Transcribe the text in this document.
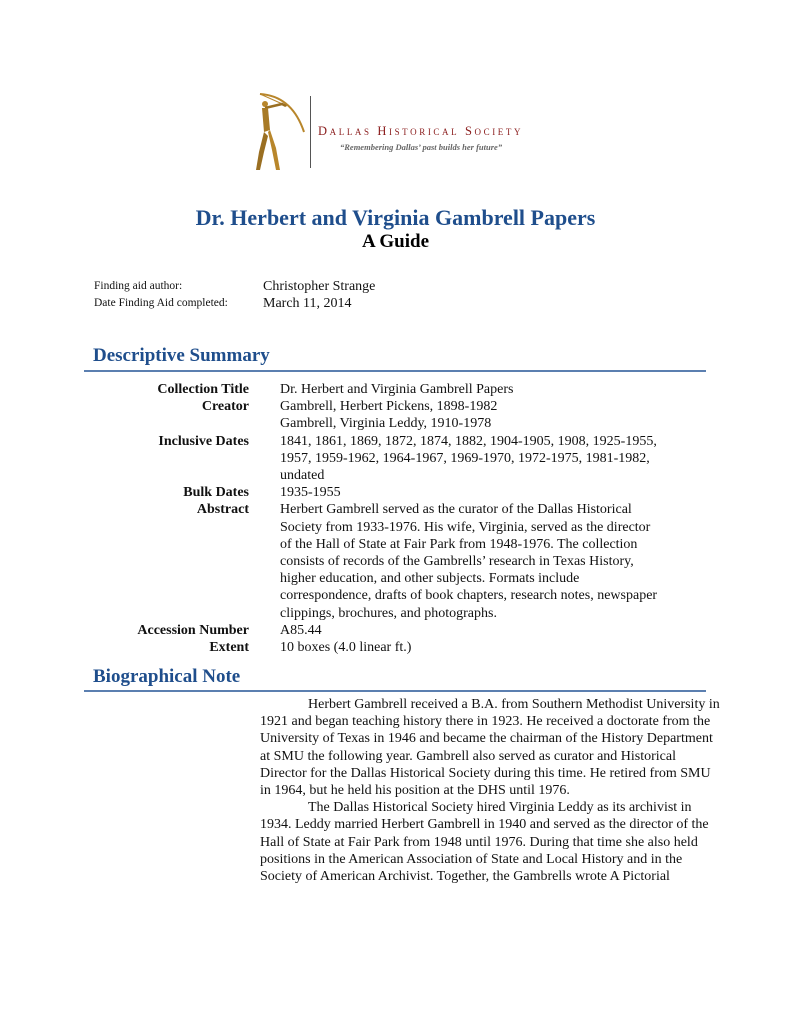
Dallas Historical Society
“Remembering Dallas’ past builds her future”
Dr. Herbert and Virginia Gambrell Papers
A Guide
Finding aid author:	Christopher Strange
Date Finding Aid completed:	March 11, 2014
Descriptive Summary
Collection Title Dr. Herbert and Virginia Gambrell Papers
Creator Gambrell, Herbert Pickens, 1898-1982
Gambrell, Virginia Leddy, 1910-1978
Inclusive Dates 1841, 1861, 1869, 1872, 1874, 1882, 1904-1905, 1908, 1925-1955,
1957, 1959-1962, 1964-1967, 1969-1970, 1972-1975, 1981-1982,
undated
Bulk Dates 1935-1955
Abstract Herbert Gambrell served as the curator of the Dallas Historical
Society from 1933-1976. His wife, Virginia, served as the director
of the Hall of State at Fair Park from 1948-1976. The collection
consists of records of the Gambrells’ research in Texas History,
higher education, and other subjects. Formats include
correspondence, drafts of book chapters, research notes, newspaper
clippings, brochures, and photographs.
Accession Number A85.44
Extent 10 boxes (4.0 linear ft.)
Biographical Note

Herbert Gambrell received a B.A. from Southern Methodist University in 1921 and began teaching history there in 1923. He received a doctorate from the University of Texas in 1946 and became the chairman of the History Department at SMU the following year. Gambrell also served as curator and Historical Director for the Dallas Historical Society during this time. He retired from SMU in 1964, but he held his position at the DHS until 1976.

The Dallas Historical Society hired Virginia Leddy as its archivist in 1934. Leddy married Herbert Gambrell in 1940 and served as the director of the Hall of State at Fair Park from 1948 until 1976. During that time she also held positions in the American Association of State and Local History and in the Society of American Archivist. Together, the Gambrells wrote A Pictorial
